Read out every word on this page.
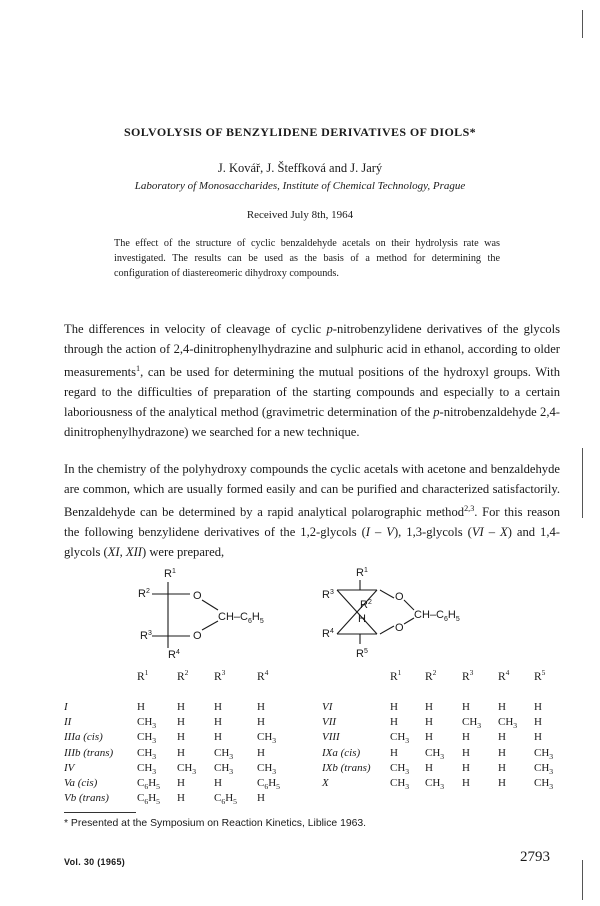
SOLVOLYSIS OF BENZYLIDENE DERIVATIVES OF DIOLS*
J. Kovář, J. Šteffková and J. Jarý
Laboratory of Monosaccharides, Institute of Chemical Technology, Prague
Received July 8th, 1964
The effect of the structure of cyclic benzaldehyde acetals on their hydrolysis rate was investigated. The results can be used as the basis of a method for determining the configuration of diastereomeric dihydroxy compounds.

The differences in velocity of cleavage of cyclic p-nitrobenzylidene derivatives of the glycols through the action of 2,4-dinitrophenylhydrazine and sulphuric acid in ethanol, according to older measurements$^1$, can be used for determining the mutual positions of the hydroxyl groups. With regard to the difficulties of preparation of the starting compounds and especially to a certain laboriousness of the analytical method (gravimetric determination of the p-nitrobenzaldehyde 2,4-dinitrophenylhydrazone) we searched for a new technique.

In the chemistry of the polyhydroxy compounds the cyclic acetals with acetone and benzaldehyde are common, which are usually formed easily and can be purified and characterized satisfactorily. Benzaldehyde can be determined by a rapid analytical polarographic method$^{2,3}$. For this reason the following benzylidene derivatives of the 1,2-glycols (I – V), 1,3-glycols (VI – X) and 1,4-glycols (XI, XII) were prepared,

$R^1$
$R^2$	O
$CH-C_6H_5$
O
$R^3$
$R^4$
$R^1$
$R^3$
$R^2$
H
O
$CH-C_6H_5$
O
$R^4$
$R^5$
$R^1$ $R^2$ $R^3$	$R^4$
I	H	H	H	H
II	$CH_3$ H	H	H
IIIa (cis)	$CH_3$ H	H	$CH_3$
IIIb (trans) $CH_3$ H	$CH_3$ H
IV	$CH_3$ $CH_3$ $CH_3$ $CH_3$
Va (cis)	$C_6H_5$ H	H	$C_6H_5$
Vb (trans)	$C_6H_5$ H	$C_6H_5$ H
$R^1$ $R^2$ $R^3$ $R^4$ $R^5$
VI	H H	H	H	H
VII	H H	$CH_3$ $CH_3$ H
VIII	$CH_3$ H	H	H	H
IXa (cis)	H $CH_3$ H	H	$CH_3$
IXb (trans) $CH_3$ H	H	H	$CH_3$
X	$CH_3$ $CH_3$ H	H	$CH_3$
* Presented at the Symposium on Reaction Kinetics, Liblice 1963.
Vol. 30 (1965)	2793
